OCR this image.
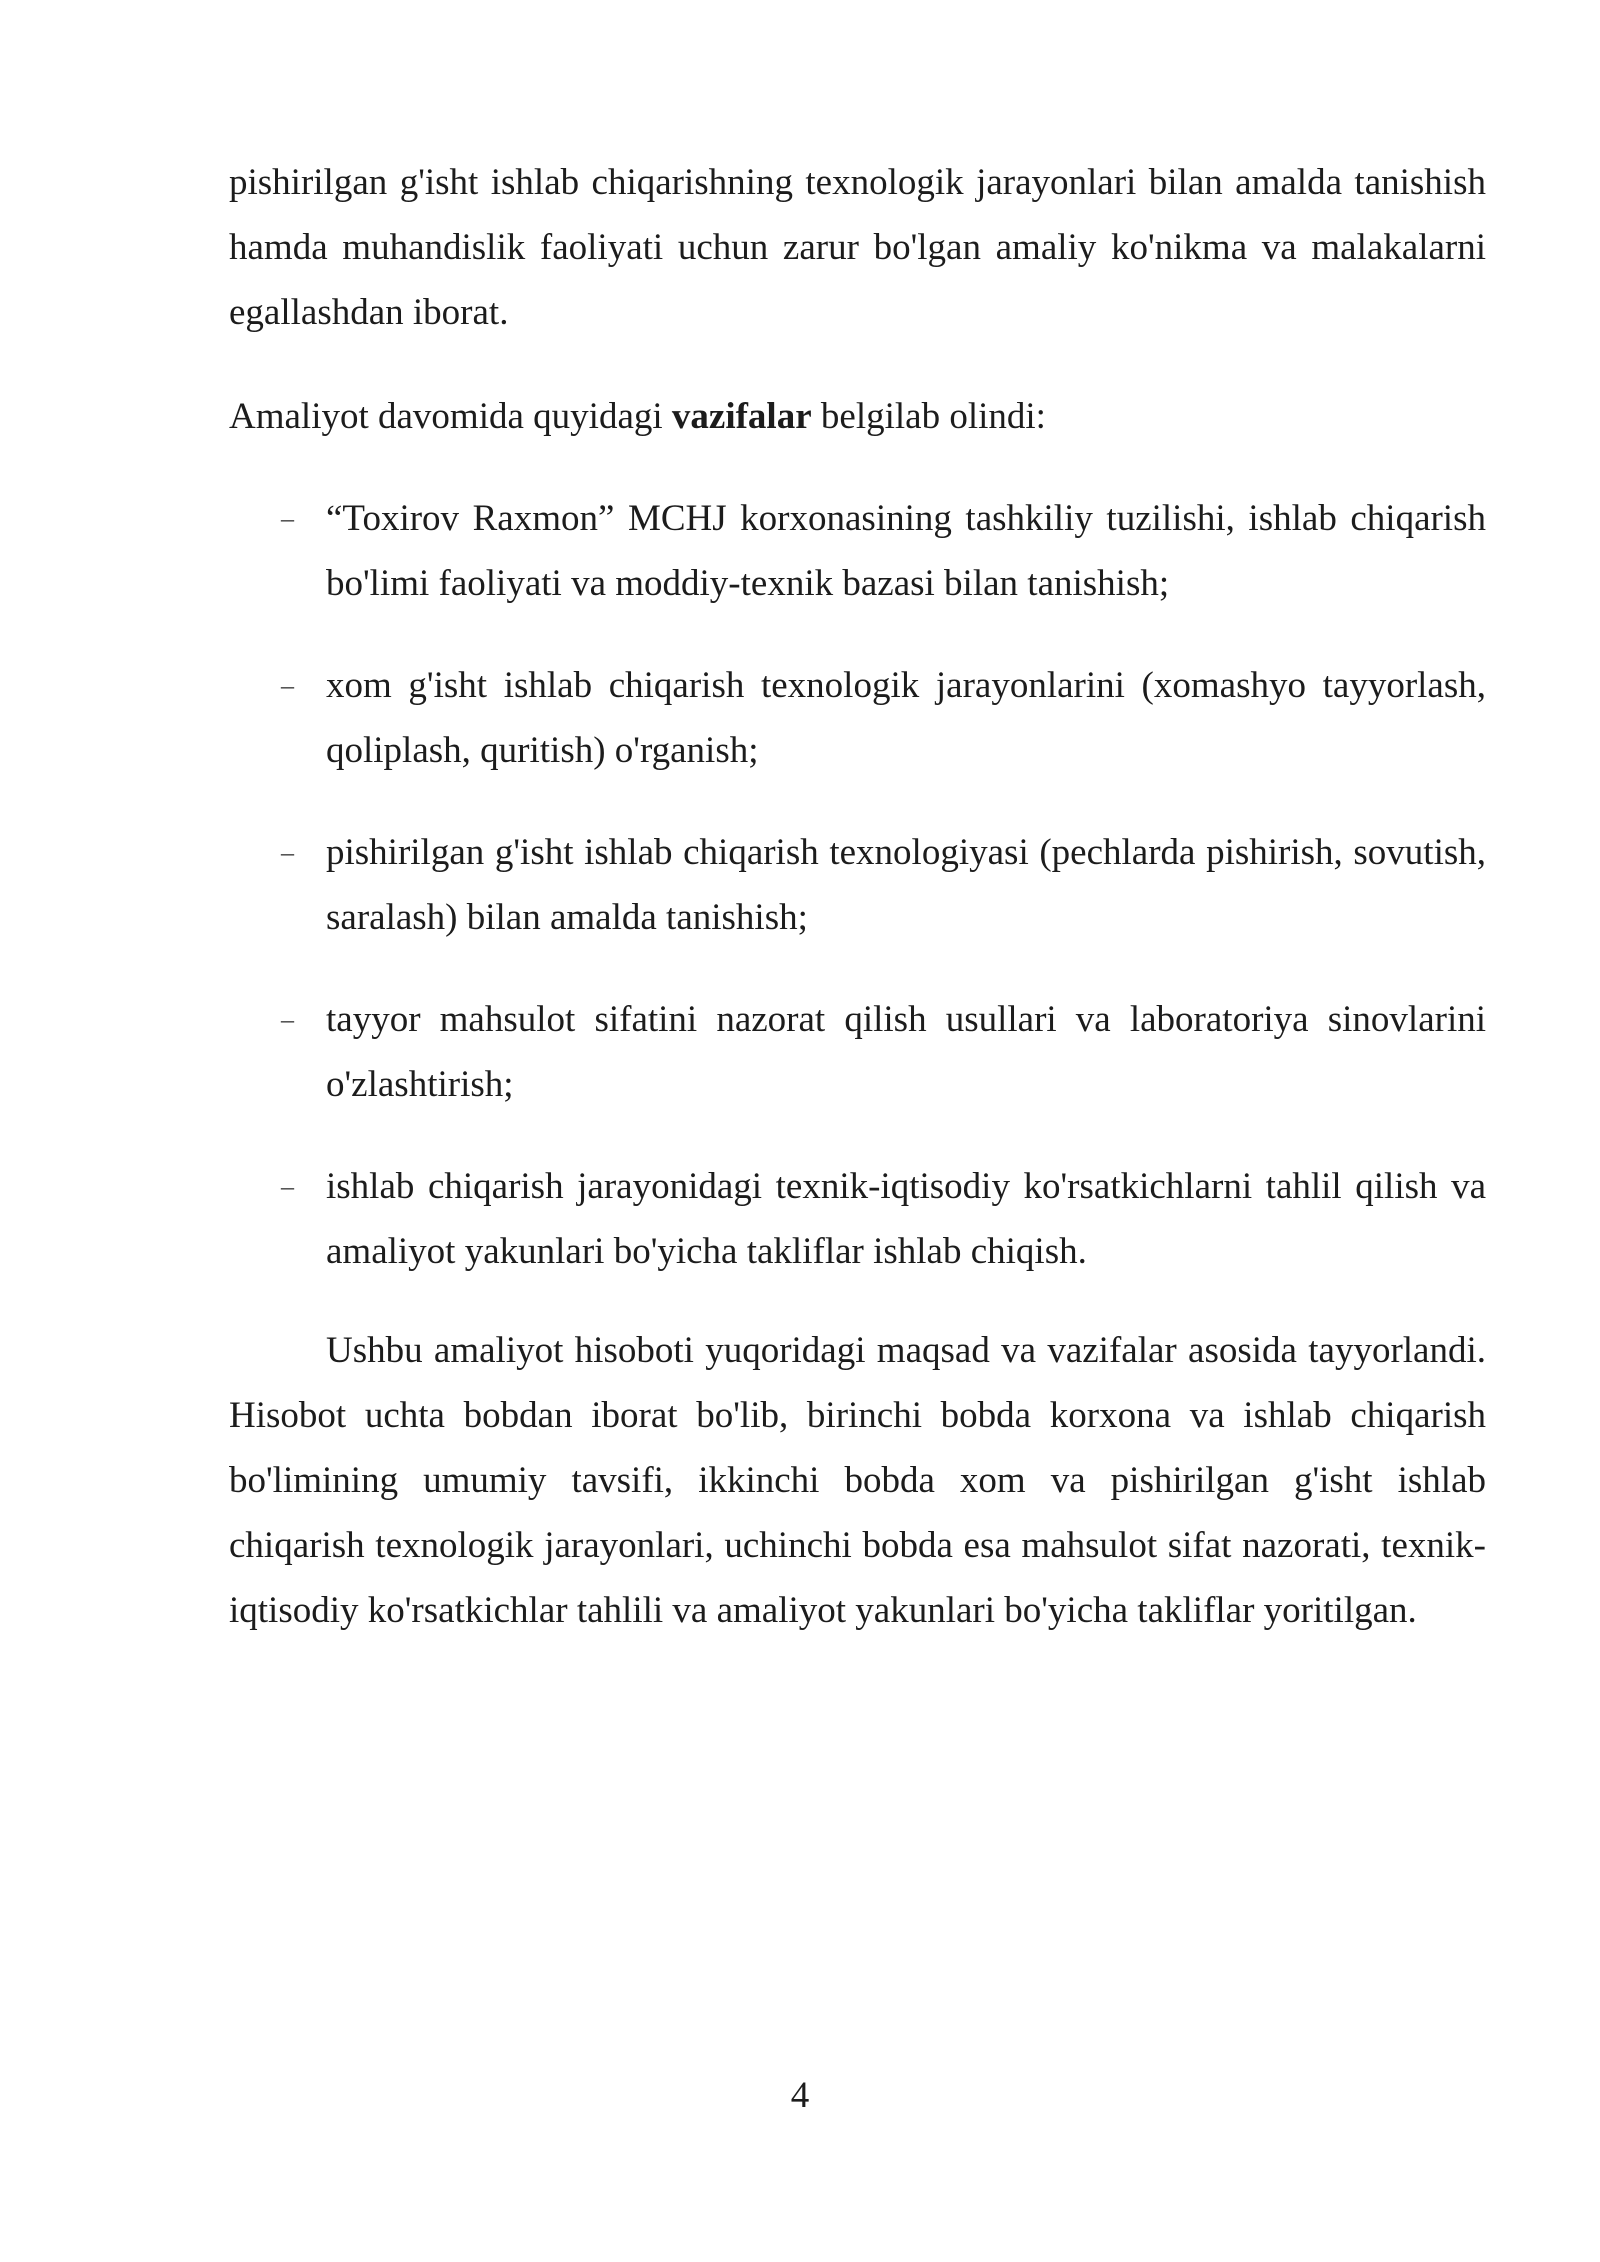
pishirilgan g'isht ishlab chiqarishning texnologik jarayonlari bilan amalda tanishish hamda muhandislik faoliyati uchun zarur bo'lgan amaliy ko'nikma va malakalarni egallashdan iborat.

Amaliyot davomida quyidagi vazifalar belgilab olindi:

– “Toxirov Raxmon” MCHJ korxonasining tashkiliy tuzilishi, ishlab chiqarish bo'limi faoliyati va moddiy-texnik bazasi bilan tanishish;
– xom g'isht ishlab chiqarish texnologik jarayonlarini (xomashyo tayyorlash, qoliplash, quritish) o'rganish;
– pishirilgan g'isht ishlab chiqarish texnologiyasi (pechlarda pishirish, sovutish, saralash) bilan amalda tanishish;
– tayyor mahsulot sifatini nazorat qilish usullari va laboratoriya sinovlarini o'zlashtirish;
– ishlab chiqarish jarayonidagi texnik-iqtisodiy ko'rsatkichlarni tahlil qilish va amaliyot yakunlari bo'yicha takliflar ishlab chiqish.

Ushbu amaliyot hisoboti yuqoridagi maqsad va vazifalar asosida tayyorlandi. Hisobot uchta bobdan iborat bo'lib, birinchi bobda korxona va ishlab chiqarish bo'limining umumiy tavsifi, ikkinchi bobda xom va pishirilgan g'isht ishlab chiqarish texnologik jarayonlari, uchinchi bobda esa mahsulot sifat nazorati, texnik-iqtisodiy ko'rsatkichlar tahlili va amaliyot yakunlari bo'yicha takliflar yoritilgan.

4
